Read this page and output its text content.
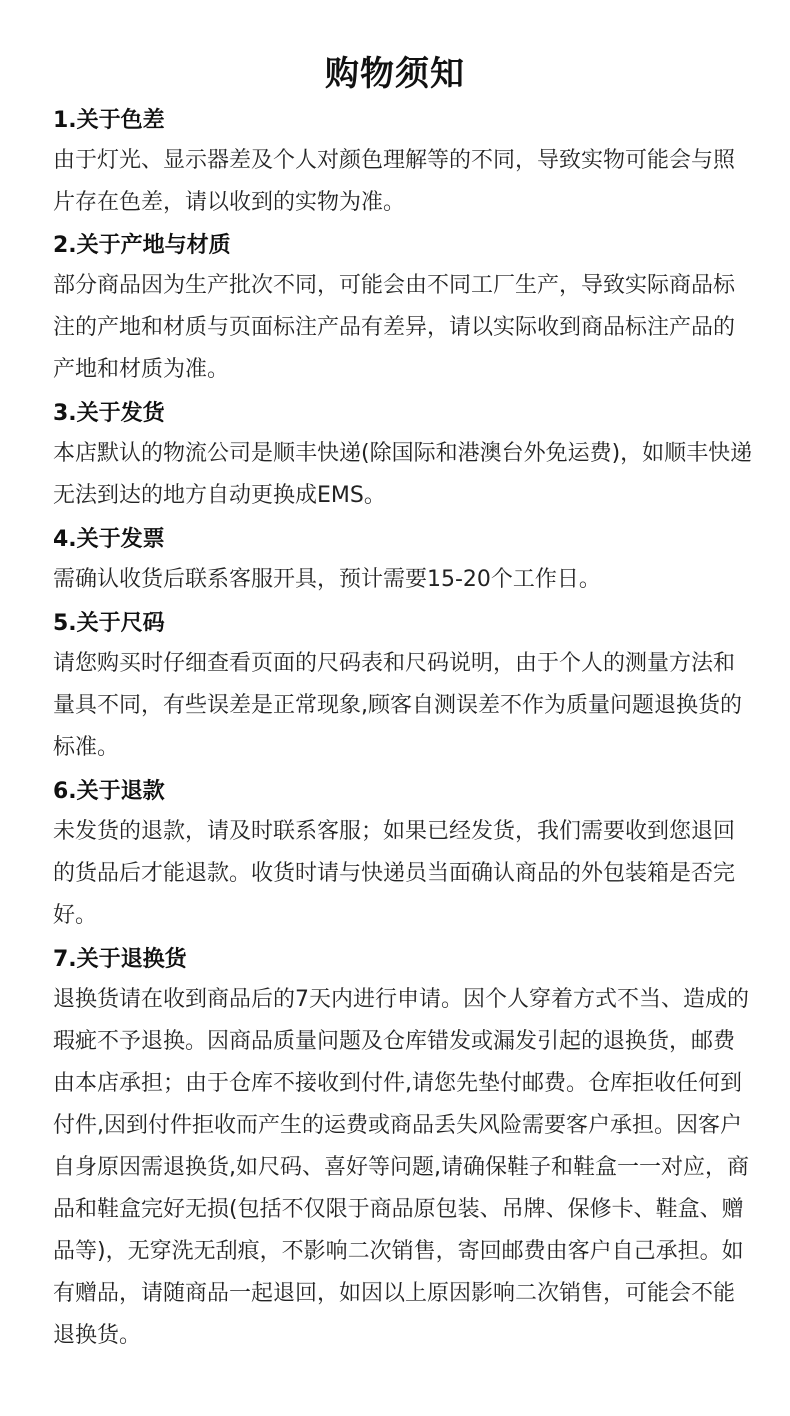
购物须知
1.关于色差
由于灯光、显示器差及个人对颜色理解等的不同，导致实物可能会与照片存在色差，请以收到的实物为准。
2.关于产地与材质
部分商品因为生产批次不同，可能会由不同工厂生产，导致实际商品标注的产地和材质与页面标注产品有差异，请以实际收到商品标注产品的产地和材质为准。
3.关于发货
本店默认的物流公司是顺丰快递(除国际和港澳台外免运费)，如顺丰快递无法到达的地方自动更换成EMS。
4.关于发票
需确认收货后联系客服开具，预计需要15-20个工作日。
5.关于尺码
请您购买时仔细查看页面的尺码表和尺码说明，由于个人的测量方法和量具不同，有些误差是正常现象,顾客自测误差不作为质量问题退换货的标准。
6.关于退款
未发货的退款，请及时联系客服；如果已经发货，我们需要收到您退回的货品后才能退款。收货时请与快递员当面确认商品的外包装箱是否完好。
7.关于退换货
退换货请在收到商品后的7天内进行申请。因个人穿着方式不当、造成的瑕疵不予退换。因商品质量问题及仓库错发或漏发引起的退换货，邮费由本店承担；由于仓库不接收到付件,请您先垫付邮费。仓库拒收任何到付件,因到付件拒收而产生的运费或商品丢失风险需要客户承担。因客户自身原因需退换货,如尺码、喜好等问题,请确保鞋子和鞋盒一一对应，商品和鞋盒完好无损(包括不仅限于商品原包装、吊牌、保修卡、鞋盒、赠品等)，无穿洗无刮痕，不影响二次销售，寄回邮费由客户自己承担。如有赠品，请随商品一起退回，如因以上原因影响二次销售，可能会不能退换货。
